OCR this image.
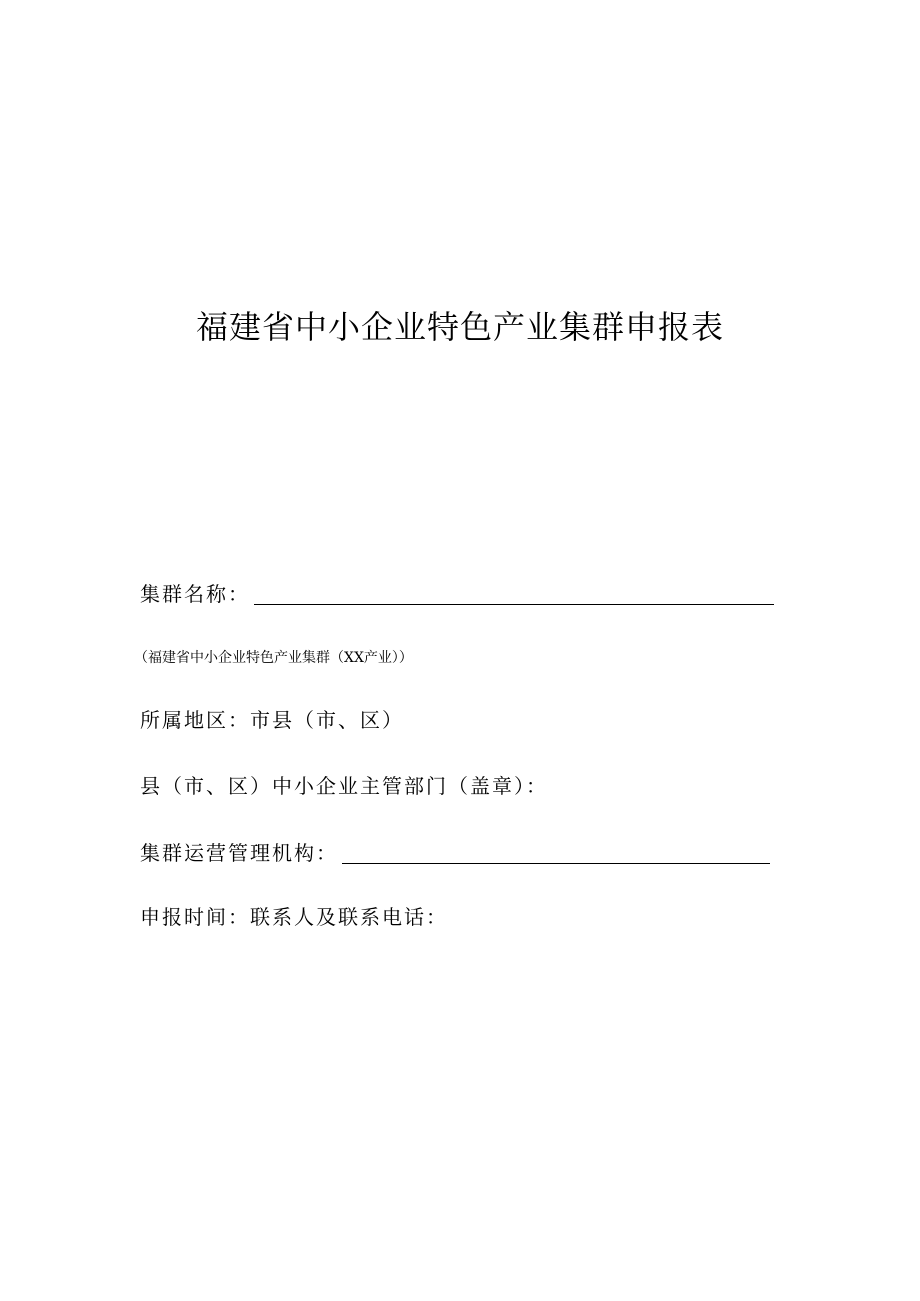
福建省中小企业特色产业集群申报表
集群名称：
（福建省中小企业特色产业集群（XX产业））
所属地区：市县（市、区）
县（市、区）中小企业主管部门（盖章）：
集群运营管理机构：
申报时间：联系人及联系电话：
